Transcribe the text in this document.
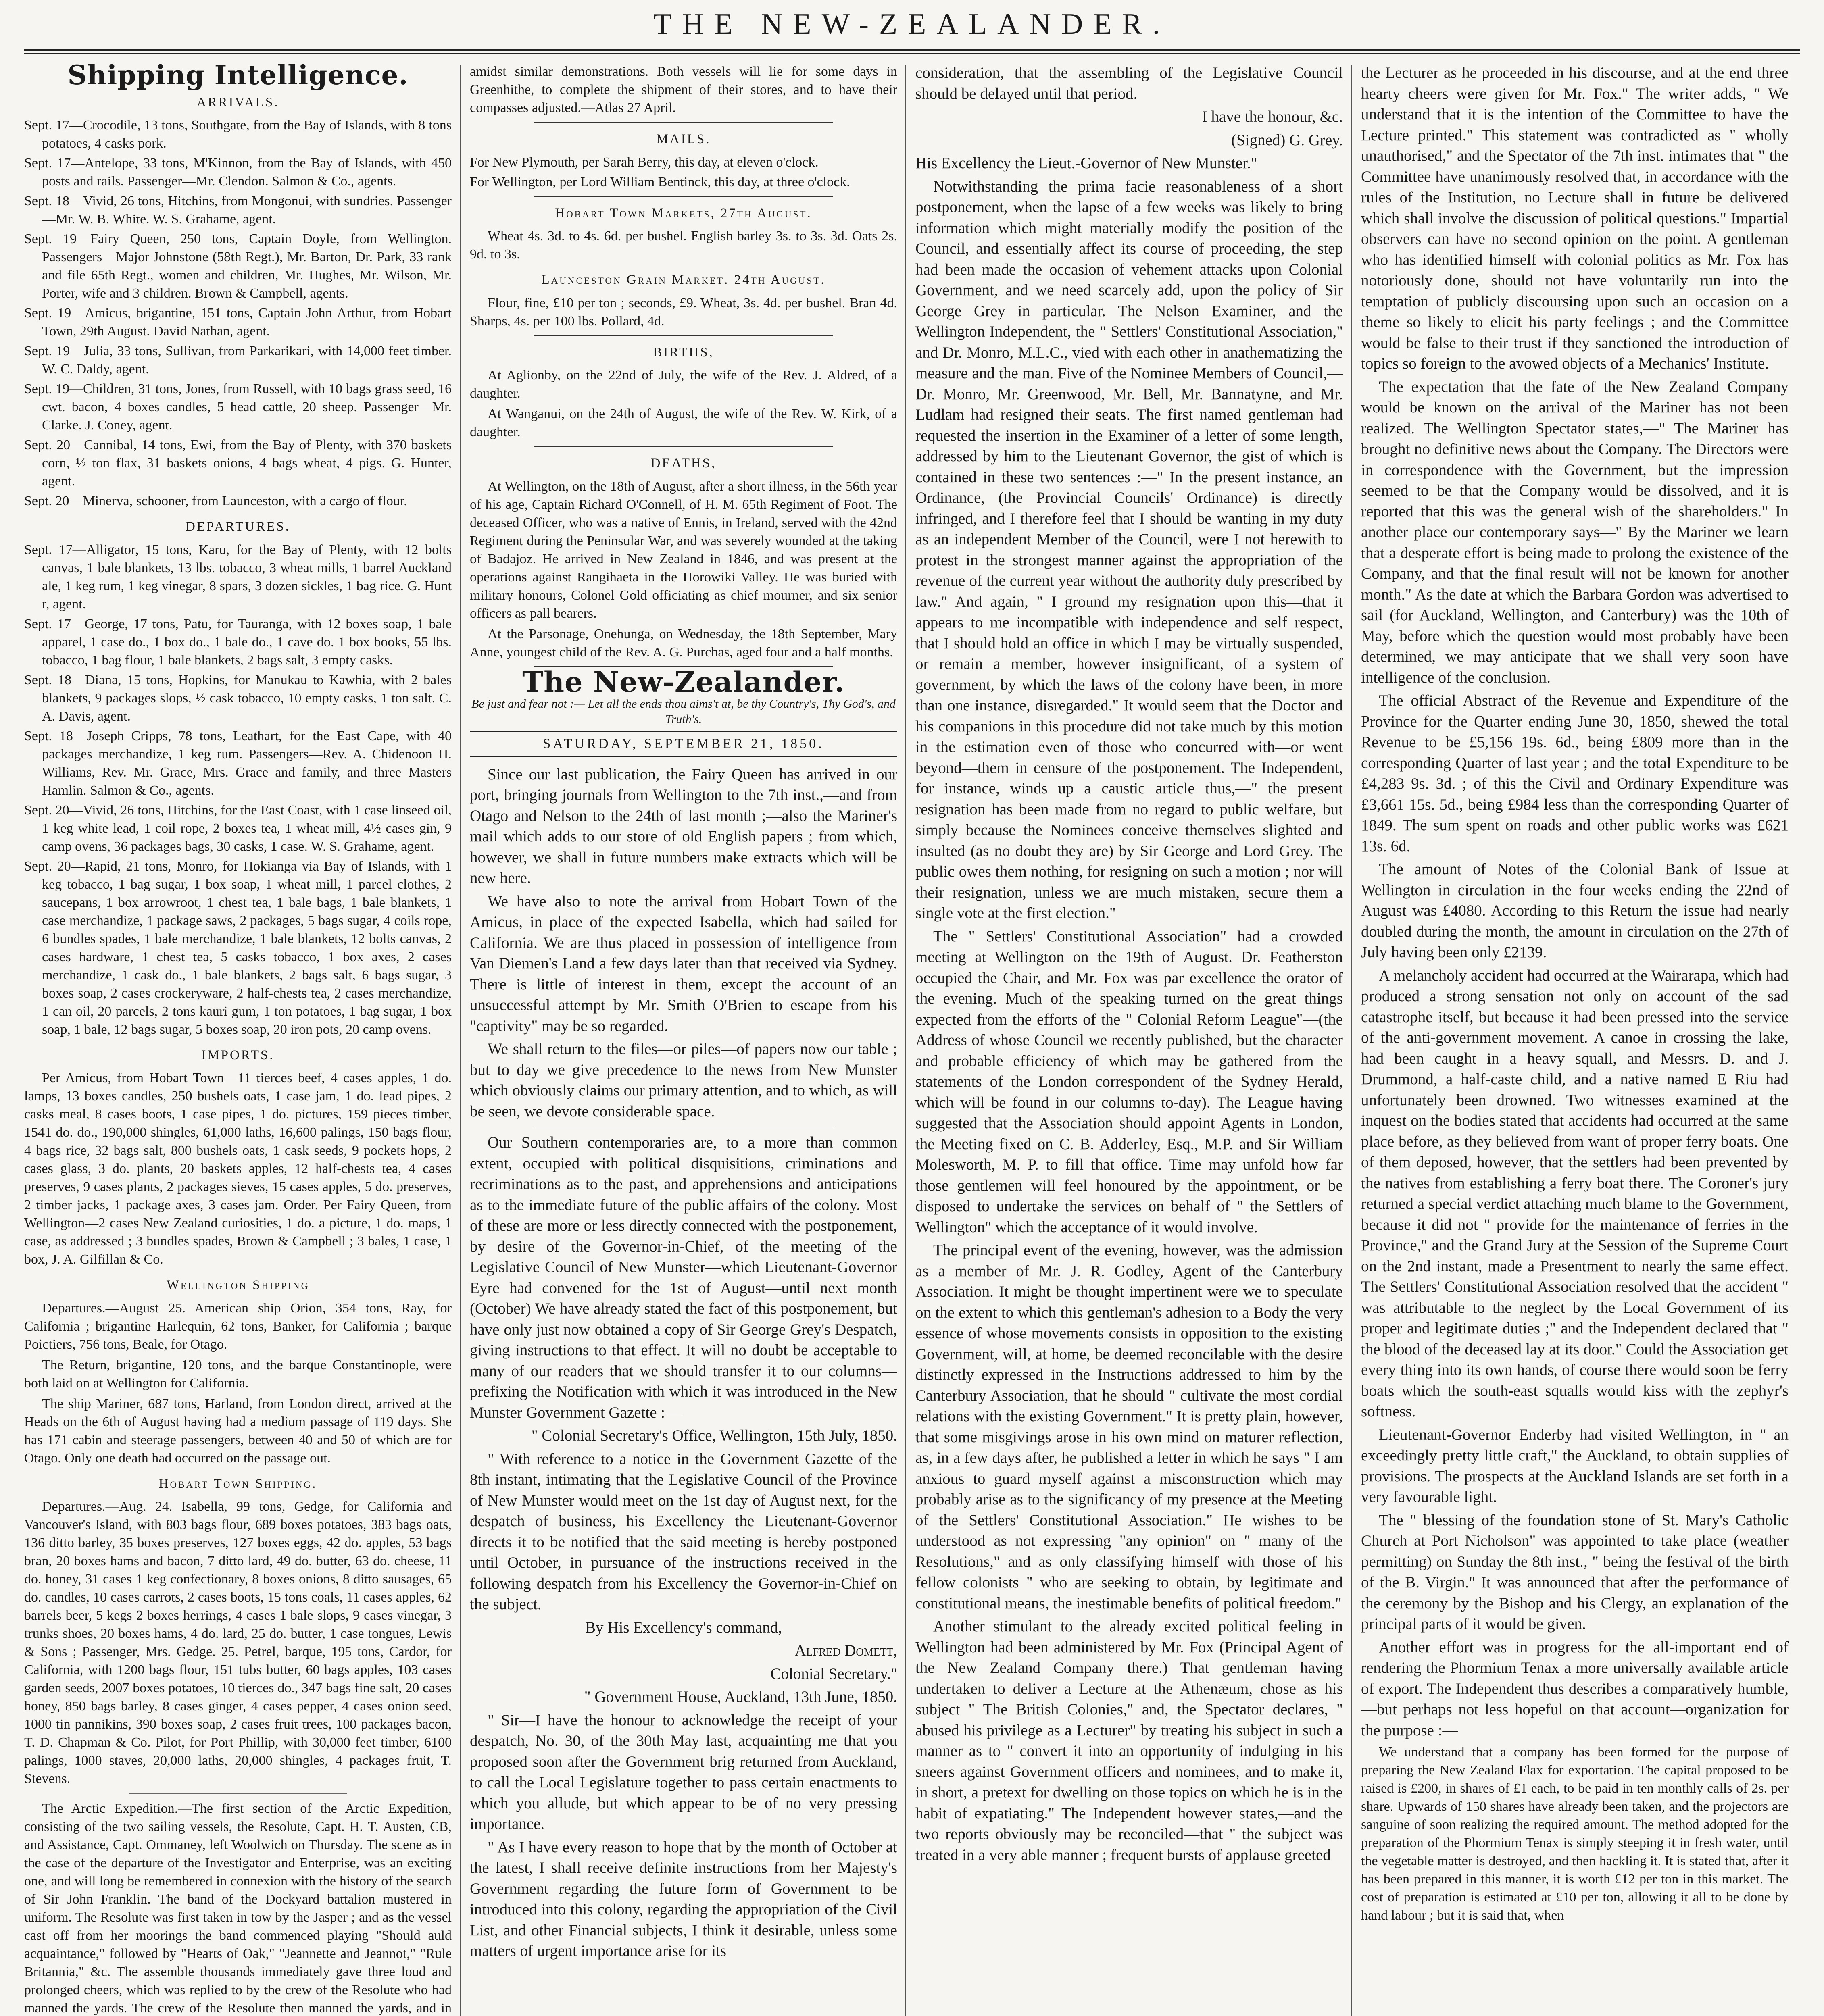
THE NEW-ZEALANDER.
Shipping Intelligence.
ARRIVALS.
Sept. 17—Crocodile, 13 tons, Southgate, from the Bay of Islands, with 8 tons potatoes, 4 casks pork.
Sept. 17—Antelope, 33 tons, M'Kinnon, from the Bay of Islands, with 450 posts and rails. Passenger—Mr. Clendon. Salmon & Co., agents.
Sept. 18—Vivid, 26 tons, Hitchins, from Mongonui, with sundries. Passenger—Mr. W. B. White. W. S. Grahame, agent.
Sept. 19—Fairy Queen, 250 tons, Captain Doyle, from Wellington. Passengers—Major Johnstone (58th Regt.), Mr. Barton, Dr. Park, 33 rank and file 65th Regt., women and children, Mr. Hughes, Mr. Wilson, Mr. Porter, wife and 3 children. Brown & Campbell, agents.
Sept. 19—Amicus, brigantine, 151 tons, Captain John Arthur, from Hobart Town, 29th August. David Nathan, agent.
Sept. 19—Julia, 33 tons, Sullivan, from Parkarikari, with 14,000 feet timber. W. C. Daldy, agent.
Sept. 19—Children, 31 tons, Jones, from Russell, with 10 bags grass seed, 16 cwt. bacon, 4 boxes candles, 5 head cattle, 20 sheep. Passenger—Mr. Clarke. J. Coney, agent.
Sept. 20—Cannibal, 14 tons, Ewi, from the Bay of Plenty, with 370 baskets corn, ½ ton flax, 31 baskets onions, 4 bags wheat, 4 pigs. G. Hunter, agent.
Sept. 20—Minerva, schooner, from Launceston, with a cargo of flour.
DEPARTURES.
Sept. 17—Alligator, 15 tons, Karu, for the Bay of Plenty, with 12 bolts canvas, 1 bale blankets, 13 lbs. tobacco, 3 wheat mills, 1 barrel Auckland ale, 1 keg rum, 1 keg vinegar, 8 spars, 3 dozen sickles, 1 bag rice. G. Hunt r, agent.
Sept. 17—George, 17 tons, Patu, for Tauranga, with 12 boxes soap, 1 bale apparel, 1 case do., 1 box do., 1 bale do., 1 cave do. 1 box books, 55 lbs. tobacco, 1 bag flour, 1 bale blankets, 2 bags salt, 3 empty casks.
Sept. 18—Diana, 15 tons, Hopkins, for Manukau to Kawhia, with 2 bales blankets, 9 packages slops, ½ cask tobacco, 10 empty casks, 1 ton salt. C. A. Davis, agent.
Sept. 18—Joseph Cripps, 78 tons, Leathart, for the East Cape, with 40 packages merchandize, 1 keg rum. Passengers—Rev. A. Chidenoon H. Williams, Rev. Mr. Grace, Mrs. Grace and family, and three Masters Hamlin. Salmon & Co., agents.
Sept. 20—Vivid, 26 tons, Hitchins, for the East Coast, with 1 case linseed oil, 1 keg white lead, 1 coil rope, 2 boxes tea, 1 wheat mill, 4½ cases gin, 9 camp ovens, 36 packages bags, 30 casks, 1 case. W. S. Grahame, agent.
Sept. 20—Rapid, 21 tons, Monro, for Hokianga via Bay of Islands, with 1 keg tobacco, 1 bag sugar, 1 box soap, 1 wheat mill, 1 parcel clothes, 2 saucepans, 1 box arrowroot, 1 chest tea, 1 bale bags, 1 bale blankets, 1 case merchandize, 1 package saws, 2 packages, 5 bags sugar, 4 coils rope, 6 bundles spades, 1 bale merchandize, 1 bale blankets, 12 bolts canvas, 2 cases hardware, 1 chest tea, 5 casks tobacco, 1 box axes, 2 cases merchandize, 1 cask do., 1 bale blankets, 2 bags salt, 6 bags sugar, 3 boxes soap, 2 cases crockeryware, 2 half-chests tea, 2 cases merchandize, 1 can oil, 20 parcels, 2 tons kauri gum, 1 ton potatoes, 1 bag sugar, 1 box soap, 1 bale, 12 bags sugar, 5 boxes soap, 20 iron pots, 20 camp ovens.
IMPORTS.

Per Amicus, from Hobart Town—11 tierces beef, 4 cases apples, 1 do. lamps, 13 boxes candles, 250 bushels oats, 1 case jam, 1 do. lead pipes, 2 casks meal, 8 cases boots, 1 case pipes, 1 do. pictures, 159 pieces timber, 1541 do. do., 190,000 shingles, 61,000 laths, 16,600 palings, 150 bags flour, 4 bags rice, 32 bags salt, 800 bushels oats, 1 cask seeds, 9 pockets hops, 2 cases glass, 3 do. plants, 20 baskets apples, 12 half-chests tea, 4 cases preserves, 9 cases plants, 2 packages sieves, 15 cases apples, 5 do. preserves, 2 timber jacks, 1 package axes, 3 cases jam. Order. Per Fairy Queen, from Wellington—2 cases New Zealand curiosities, 1 do. a picture, 1 do. maps, 1 case, as addressed ; 3 bundles spades, Brown & Campbell ; 3 bales, 1 case, 1 box, J. A. Gilfillan & Co.

Wellington Shipping

Departures.—August 25. American ship Orion, 354 tons, Ray, for California ; brigantine Harlequin, 62 tons, Banker, for California ; barque Poictiers, 756 tons, Beale, for Otago.

The Return, brigantine, 120 tons, and the barque Constantinople, were both laid on at Wellington for California.

The ship Mariner, 687 tons, Harland, from London direct, arrived at the Heads on the 6th of August having had a medium passage of 119 days. She has 171 cabin and steerage passengers, between 40 and 50 of which are for Otago. Only one death had occurred on the passage out.

Hobart Town Shipping.

Departures.—Aug. 24. Isabella, 99 tons, Gedge, for California and Vancouver's Island, with 803 bags flour, 689 boxes potatoes, 383 bags oats, 136 ditto barley, 35 boxes preserves, 127 boxes eggs, 42 do. apples, 53 bags bran, 20 boxes hams and bacon, 7 ditto lard, 49 do. butter, 63 do. cheese, 11 do. honey, 31 cases 1 keg confectionary, 8 boxes onions, 8 ditto sausages, 65 do. candles, 10 cases carrots, 2 cases boots, 15 tons coals, 11 cases apples, 62 barrels beer, 5 kegs 2 boxes herrings, 4 cases 1 bale slops, 9 cases vinegar, 3 trunks shoes, 20 boxes hams, 4 do. lard, 25 do. butter, 1 case tongues, Lewis & Sons ; Passenger, Mrs. Gedge. 25. Petrel, barque, 195 tons, Cardor, for California, with 1200 bags flour, 151 tubs butter, 60 bags apples, 103 cases garden seeds, 2007 boxes potatoes, 10 tierces do., 347 bags fine salt, 20 cases honey, 850 bags barley, 8 cases ginger, 4 cases pepper, 4 cases onion seed, 1000 tin pannikins, 390 boxes soap, 2 cases fruit trees, 100 packages bacon, T. D. Chapman & Co. Pilot, for Port Phillip, with 30,000 feet timber, 6100 palings, 1000 staves, 20,000 laths, 20,000 shingles, 4 packages fruit, T. Stevens.

The Arctic Expedition.—The first section of the Arctic Expedition, consisting of the two sailing vessels, the Resolute, Capt. H. T. Austen, CB, and Assistance, Capt. Ommaney, left Woolwich on Thursday. The scene as in the case of the departure of the Investigator and Enterprise, was an exciting one, and will long be remembered in connexion with the history of the search of Sir John Franklin. The band of the Dockyard battalion mustered in uniform. The Resolute was first taken in tow by the Jasper ; and as the vessel cast off from her moorings the band commenced playing "Should auld acquaintance," followed by "Hearts of Oak," "Jeannette and Jeannot," "Rule Britannia," &c. The assemble thousands immediately gave three loud and prolonged cheers, which was replied to by the crew of the Resolute who had manned the yards. The crew of the Resolute then manned the yards, and in

amidst similar demonstrations. Both vessels will lie for some days in Greenhithe, to complete the shipment of their stores, and to have their compasses adjusted.—Atlas 27 April.

MAILS.
For New Plymouth, per Sarah Berry, this day, at eleven o'clock.
For Wellington, per Lord William Bentinck, this day, at three o'clock.
Hobart Town Markets, 27th August.

Wheat 4s. 3d. to 4s. 6d. per bushel. English barley 3s. to 3s. 3d. Oats 2s. 9d. to 3s.

Launceston Grain Market. 24th August.

Flour, fine, £10 per ton ; seconds, £9. Wheat, 3s. 4d. per bushel. Bran 4d. Sharps, 4s. per 100 lbs. Pollard, 4d.

BIRTHS,

At Aglionby, on the 22nd of July, the wife of the Rev. J. Aldred, of a daughter.

At Wanganui, on the 24th of August, the wife of the Rev. W. Kirk, of a daughter.

DEATHS,

At Wellington, on the 18th of August, after a short illness, in the 56th year of his age, Captain Richard O'Connell, of H. M. 65th Regiment of Foot. The deceased Officer, who was a native of Ennis, in Ireland, served with the 42nd Regiment during the Peninsular War, and was severely wounded at the taking of Badajoz. He arrived in New Zealand in 1846, and was present at the operations against Rangihaeta in the Horowiki Valley. He was buried with military honours, Colonel Gold officiating as chief mourner, and six senior officers as pall bearers.

At the Parsonage, Onehunga, on Wednesday, the 18th September, Mary Anne, youngest child of the Rev. A. G. Purchas, aged four and a half months.

The New-Zealander.
Be just and fear not :— Let all the ends thou aims't at, be thy Country's, Thy God's, and Truth's.
SATURDAY, SEPTEMBER 21, 1850.

Since our last publication, the Fairy Queen has arrived in our port, bringing journals from Wellington to the 7th inst.,—and from Otago and Nelson to the 24th of last month ;—also the Mariner's mail which adds to our store of old English papers ; from which, however, we shall in future numbers make extracts which will be new here.

We have also to note the arrival from Hobart Town of the Amicus, in place of the expected Isabella, which had sailed for California. We are thus placed in possession of intelligence from Van Diemen's Land a few days later than that received via Sydney. There is little of interest in them, except the account of an unsuccessful attempt by Mr. Smith O'Brien to escape from his "captivity" may be so regarded.

We shall return to the files—or piles—of papers now our table ; but to day we give precedence to the news from New Munster which obviously claims our primary attention, and to which, as will be seen, we devote considerable space.

Our Southern contemporaries are, to a more than common extent, occupied with political disquisitions, criminations and recriminations as to the past, and apprehensions and anticipations as to the immediate future of the public affairs of the colony. Most of these are more or less directly connected with the postponement, by desire of the Governor-in-Chief, of the meeting of the Legislative Council of New Munster—which Lieutenant-Governor Eyre had convened for the 1st of August—until next month (October) We have already stated the fact of this postponement, but have only just now obtained a copy of Sir George Grey's Despatch, giving instructions to that effect. It will no doubt be acceptable to many of our readers that we should transfer it to our columns—prefixing the Notification with which it was introduced in the New Munster Government Gazette :—

" Colonial Secretary's Office, Wellington, 15th July, 1850.

" With reference to a notice in the Government Gazette of the 8th instant, intimating that the Legislative Council of the Province of New Munster would meet on the 1st day of August next, for the despatch of business, his Excellency the Lieutenant-Governor directs it to be notified that the said meeting is hereby postponed until October, in pursuance of the instructions received in the following despatch from his Excellency the Governor-in-Chief on the subject.

By His Excellency's command,

Alfred Domett,

Colonial Secretary."

" Government House, Auckland, 13th June, 1850.

" Sir—I have the honour to acknowledge the receipt of your despatch, No. 30, of the 30th May last, acquainting me that you proposed soon after the Government brig returned from Auckland, to call the Local Legislature together to pass certain enactments to which you allude, but which appear to be of no very pressing importance.

" As I have every reason to hope that by the month of October at the latest, I shall receive definite instructions from her Majesty's Government regarding the future form of Government to be introduced into this colony, regarding the appropriation of the Civil List, and other Financial subjects, I think it desirable, unless some matters of urgent importance arise for its

consideration, that the assembling of the Legislative Council should be delayed until that period.

I have the honour, &c.

(Signed) G. Grey.

His Excellency the Lieut.-Governor of New Munster."

Notwithstanding the prima facie reasonableness of a short postponement, when the lapse of a few weeks was likely to bring information which might materially modify the position of the Council, and essentially affect its course of proceeding, the step had been made the occasion of vehement attacks upon Colonial Government, and we need scarcely add, upon the policy of Sir George Grey in particular. The Nelson Examiner, and the Wellington Independent, the " Settlers' Constitutional Association," and Dr. Monro, M.L.C., vied with each other in anathematizing the measure and the man. Five of the Nominee Members of Council,—Dr. Monro, Mr. Greenwood, Mr. Bell, Mr. Bannatyne, and Mr. Ludlam had resigned their seats. The first named gentleman had requested the insertion in the Examiner of a letter of some length, addressed by him to the Lieutenant Governor, the gist of which is contained in these two sentences :—" In the present instance, an Ordinance, (the Provincial Councils' Ordinance) is directly infringed, and I therefore feel that I should be wanting in my duty as an independent Member of the Council, were I not herewith to protest in the strongest manner against the appropriation of the revenue of the current year without the authority duly prescribed by law." And again, " I ground my resignation upon this—that it appears to me incompatible with independence and self respect, that I should hold an office in which I may be virtually suspended, or remain a member, however insignificant, of a system of government, by which the laws of the colony have been, in more than one instance, disregarded." It would seem that the Doctor and his companions in this procedure did not take much by this motion in the estimation even of those who concurred with—or went beyond—them in censure of the postponement. The Independent, for instance, winds up a caustic article thus,—" the present resignation has been made from no regard to public welfare, but simply because the Nominees conceive themselves slighted and insulted (as no doubt they are) by Sir George and Lord Grey. The public owes them nothing, for resigning on such a motion ; nor will their resignation, unless we are much mistaken, secure them a single vote at the first election."

The " Settlers' Constitutional Association" had a crowded meeting at Wellington on the 19th of August. Dr. Featherston occupied the Chair, and Mr. Fox was par excellence the orator of the evening. Much of the speaking turned on the great things expected from the efforts of the " Colonial Reform League"—(the Address of whose Council we recently published, but the character and probable efficiency of which may be gathered from the statements of the London correspondent of the Sydney Herald, which will be found in our columns to-day). The League having suggested that the Association should appoint Agents in London, the Meeting fixed on C. B. Adderley, Esq., M.P. and Sir William Molesworth, M. P. to fill that office. Time may unfold how far those gentlemen will feel honoured by the appointment, or be disposed to undertake the services on behalf of " the Settlers of Wellington" which the acceptance of it would involve.

The principal event of the evening, however, was the admission as a member of Mr. J. R. Godley, Agent of the Canterbury Association. It might be thought impertinent were we to speculate on the extent to which this gentleman's adhesion to a Body the very essence of whose movements consists in opposition to the existing Government, will, at home, be deemed reconcilable with the desire distinctly expressed in the Instructions addressed to him by the Canterbury Association, that he should " cultivate the most cordial relations with the existing Government." It is pretty plain, however, that some misgivings arose in his own mind on maturer reflection, as, in a few days after, he published a letter in which he says " I am anxious to guard myself against a misconstruction which may probably arise as to the significancy of my presence at the Meeting of the Settlers' Constitutional Association." He wishes to be understood as not expressing "any opinion" on " many of the Resolutions," and as only classifying himself with those of his fellow colonists " who are seeking to obtain, by legitimate and constitutional means, the inestimable benefits of political freedom."

Another stimulant to the already excited political feeling in Wellington had been administered by Mr. Fox (Principal Agent of the New Zealand Company there.) That gentleman having undertaken to deliver a Lecture at the Athenæum, chose as his subject " The British Colonies," and, the Spectator declares, " abused his privilege as a Lecturer" by treating his subject in such a manner as to " convert it into an opportunity of indulging in his sneers against Government officers and nominees, and to make it, in short, a pretext for dwelling on those topics on which he is in the habit of expatiating." The Independent however states,—and the two reports obviously may be reconciled—that " the subject was treated in a very able manner ; frequent bursts of applause greeted

the Lecturer as he proceeded in his discourse, and at the end three hearty cheers were given for Mr. Fox." The writer adds, " We understand that it is the intention of the Committee to have the Lecture printed." This statement was contradicted as " wholly unauthorised," and the Spectator of the 7th inst. intimates that " the Committee have unanimously resolved that, in accordance with the rules of the Institution, no Lecture shall in future be delivered which shall involve the discussion of political questions." Impartial observers can have no second opinion on the point. A gentleman who has identified himself with colonial politics as Mr. Fox has notoriously done, should not have voluntarily run into the temptation of publicly discoursing upon such an occasion on a theme so likely to elicit his party feelings ; and the Committee would be false to their trust if they sanctioned the introduction of topics so foreign to the avowed objects of a Mechanics' Institute.

The expectation that the fate of the New Zealand Company would be known on the arrival of the Mariner has not been realized. The Wellington Spectator states,—" The Mariner has brought no definitive news about the Company. The Directors were in correspondence with the Government, but the impression seemed to be that the Company would be dissolved, and it is reported that this was the general wish of the shareholders." In another place our contemporary says—" By the Mariner we learn that a desperate effort is being made to prolong the existence of the Company, and that the final result will not be known for another month." As the date at which the Barbara Gordon was advertised to sail (for Auckland, Wellington, and Canterbury) was the 10th of May, before which the question would most probably have been determined, we may anticipate that we shall very soon have intelligence of the conclusion.

The official Abstract of the Revenue and Expenditure of the Province for the Quarter ending June 30, 1850, shewed the total Revenue to be £5,156 19s. 6d., being £809 more than in the corresponding Quarter of last year ; and the total Expenditure to be £4,283 9s. 3d. ; of this the Civil and Ordinary Expenditure was £3,661 15s. 5d., being £984 less than the corresponding Quarter of 1849. The sum spent on roads and other public works was £621 13s. 6d.

The amount of Notes of the Colonial Bank of Issue at Wellington in circulation in the four weeks ending the 22nd of August was £4080. According to this Return the issue had nearly doubled during the month, the amount in circulation on the 27th of July having been only £2139.

A melancholy accident had occurred at the Wairarapa, which had produced a strong sensation not only on account of the sad catastrophe itself, but because it had been pressed into the service of the anti-government movement. A canoe in crossing the lake, had been caught in a heavy squall, and Messrs. D. and J. Drummond, a half-caste child, and a native named E Riu had unfortunately been drowned. Two witnesses examined at the inquest on the bodies stated that accidents had occurred at the same place before, as they believed from want of proper ferry boats. One of them deposed, however, that the settlers had been prevented by the natives from establishing a ferry boat there. The Coroner's jury returned a special verdict attaching much blame to the Government, because it did not " provide for the maintenance of ferries in the Province," and the Grand Jury at the Session of the Supreme Court on the 2nd instant, made a Presentment to nearly the same effect. The Settlers' Constitutional Association resolved that the accident " was attributable to the neglect by the Local Government of its proper and legitimate duties ;" and the Independent declared that " the blood of the deceased lay at its door." Could the Association get every thing into its own hands, of course there would soon be ferry boats which the south-east squalls would kiss with the zephyr's softness.

Lieutenant-Governor Enderby had visited Wellington, in " an exceedingly pretty little craft," the Auckland, to obtain supplies of provisions. The prospects at the Auckland Islands are set forth in a very favourable light.

The " blessing of the foundation stone of St. Mary's Catholic Church at Port Nicholson" was appointed to take place (weather permitting) on Sunday the 8th inst., " being the festival of the birth of the B. Virgin." It was announced that after the performance of the ceremony by the Bishop and his Clergy, an explanation of the principal parts of it would be given.

Another effort was in progress for the all-important end of rendering the Phormium Tenax a more universally available article of export. The Independent thus describes a comparatively humble,—but perhaps not less hopeful on that account—organization for the purpose :—

We understand that a company has been formed for the purpose of preparing the New Zealand Flax for exportation. The capital proposed to be raised is £200, in shares of £1 each, to be paid in ten monthly calls of 2s. per share. Upwards of 150 shares have already been taken, and the projectors are sanguine of soon realizing the required amount. The method adopted for the preparation of the Phormium Tenax is simply steeping it in fresh water, until the vegetable matter is destroyed, and then hackling it. It is stated that, after it has been prepared in this manner, it is worth £12 per ton in this market. The cost of preparation is estimated at £10 per ton, allowing it all to be done by hand labour ; but it is said that, when
